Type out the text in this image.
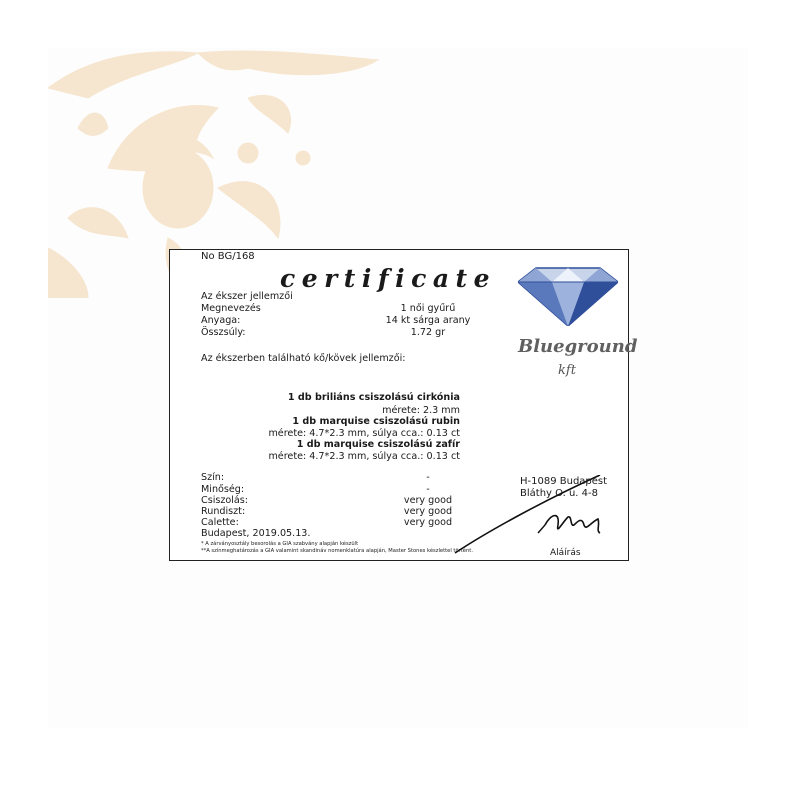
No BG/168
certificate
Blueground
kft
Az ékszer jellemzői
Megnevezés	1 női gyűrű
Anyaga:	14 kt sárga arany
Összsúly:	1.72 gr
Az ékszerben található kő/kövek jellemzői:
1 db briliáns csiszolású cirkónia
mérete: 2.3 mm
1 db marquise csiszolású rubin
mérete: 4.7*2.3 mm, súlya cca.: 0.13 ct
1 db marquise csiszolású zafír
mérete: 4.7*2.3 mm, súlya cca.: 0.13 ct
Szín:	-
Minőség:	-
Csiszolás:	very good
Rundiszt:	very good
Calette:	very good
Budapest, 2019.05.13.
* A zárványosztály besorolás a GIA szabvány alapján készült
**A színmeghatározás a GIA valamint skandináv nomenklatúra alapján, Master Stones készlettel történt.
H-1089 Budapest
Bláthy O. u. 4-8
Aláírás
